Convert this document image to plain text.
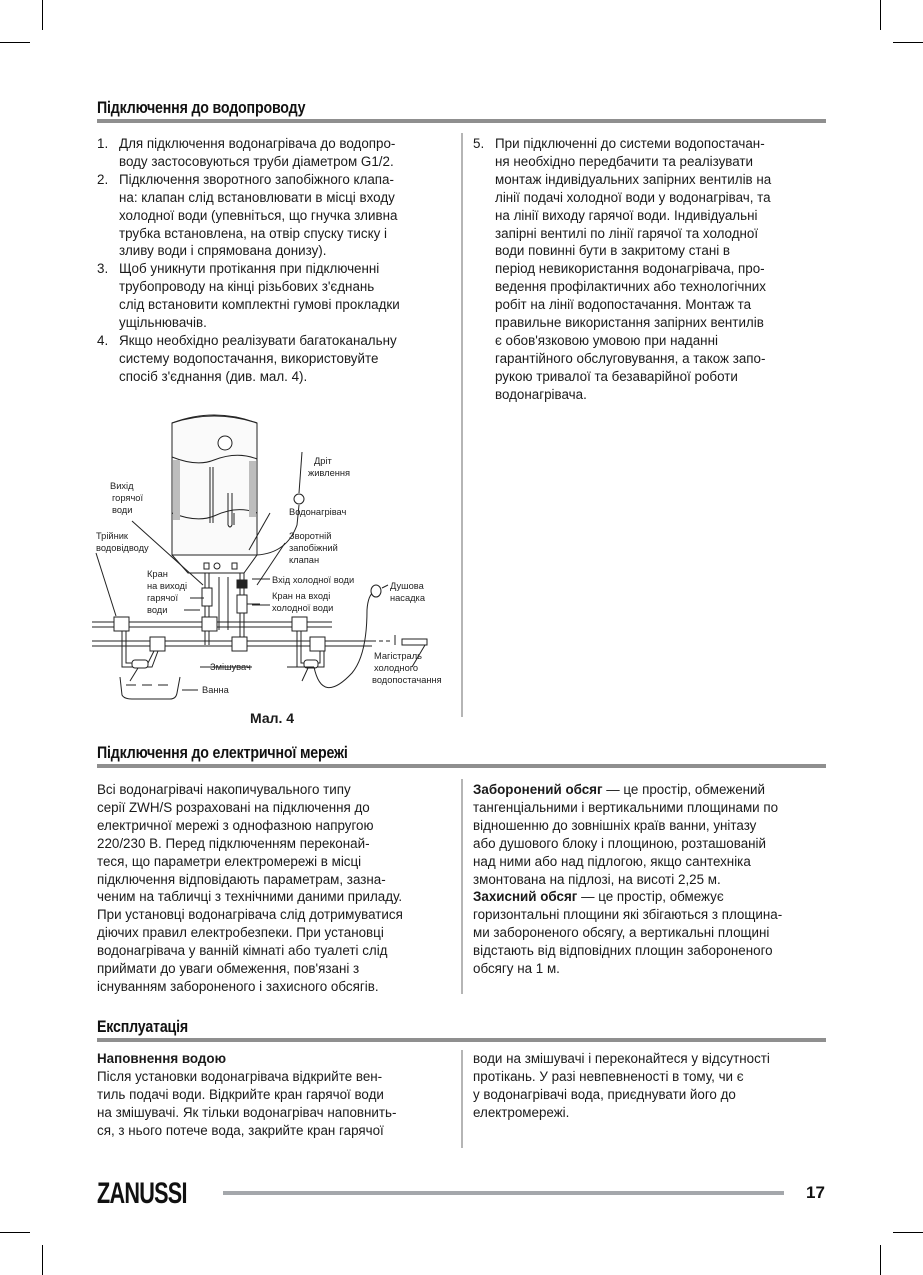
Підключення до водопроводу
1. Для підключення водонагрівача до водопро-
воду застосовуються труби діаметром G1/2.
2. Підключення зворотного запобіжного клапа-
на: клапан слід встановлювати в місці входу
холодної води (упевніться, що гнучка зливна
трубка встановлена, на отвір спуску тиску і
зливу води і спрямована донизу).
3. Щоб уникнути протікання при підключенні
трубопроводу на кінці різьбових з'єднань
слід встановити комплектні гумові прокладки
ущільнювачів.
4. Якщо необхідно реалізувати багатоканальну
систему водопостачання, використовуйте
спосіб з'єднання (див. мал. 4).
5. При підключенні до системи водопостачан-
ня необхідно передбачити та реалізувати
монтаж індивідуальних запірних вентилів на
лінії подачі холодної води у водонагрівач, та
на лінії виходу гарячої води. Індивідуальні
запірні вентилі по лінії гарячої та холодної
води повинні бути в закритому стані в
період невикористання водонагрівача, про-
ведення профілактичних або технологічних
робіт на лінії водопостачання. Монтаж та
правильне використання запірних вентилів
є обов'язковою умовою при наданні
гарантійного обслуговування, а також запо-
рукою тривалої та безаварійної роботи
водонагрівача.
Вихід
горячої
води
Трійник
водовідводу
Кран
на виході
гарячої
води
Дріт
живлення
Водонагрівач
Зворотній
запобіжний
клапан
Вхід холодної води
Кран на вході
холодної води
Душова
насадка
Змішувач
Ванна
Магістраль
холодного
водопостачання
Мал. 4
Підключення до електричної мережі
Всі водонагрівачі накопичувального типу
серії ZWH/S розраховані на підключення до
електричної мережі з однофазною напругою
220/230 В. Перед підключенням переконай-
теся, що параметри електромережі в місці
підключення відповідають параметрам, зазна-
ченим на табличці з технічними даними приладу.
При установці водонагрівача слід дотримуватися
діючих правил електробезпеки. При установці
водонагрівача у ванній кімнаті або туалеті слід
приймати до уваги обмеження, пов'язані з
існуванням забороненого і захисного обсягів.
Заборонений обсяг — це простір, обмежений
тангенціальними і вертикальними площинами по
відношенню до зовнішніх країв ванни, унітазу
або душового блоку і площиною, розташованій
над ними або над підлогою, якщо сантехніка
змонтована на підлозі, на висоті 2,25 м.
Захисний обсяг — це простір, обмежує
горизонтальні площини які збігаються з площина-
ми забороненого обсягу, а вертикальні площині
відстають від відповідних площин забороненого
обсягу на 1 м.
Експлуатація
Наповнення водою
Після установки водонагрівача відкрийте вен-
тиль подачі води. Відкрийте кран гарячої води
на змішувачі. Як тільки водонагрівач наповнить-
ся, з нього потече вода, закрийте кран гарячої
води на змішувачі і переконайтеся у відсутності
протікань. У разі невпевненості в тому, чи є
у водонагрівачі вода, приєднувати його до
електромережі.
ZANUSSI	17
